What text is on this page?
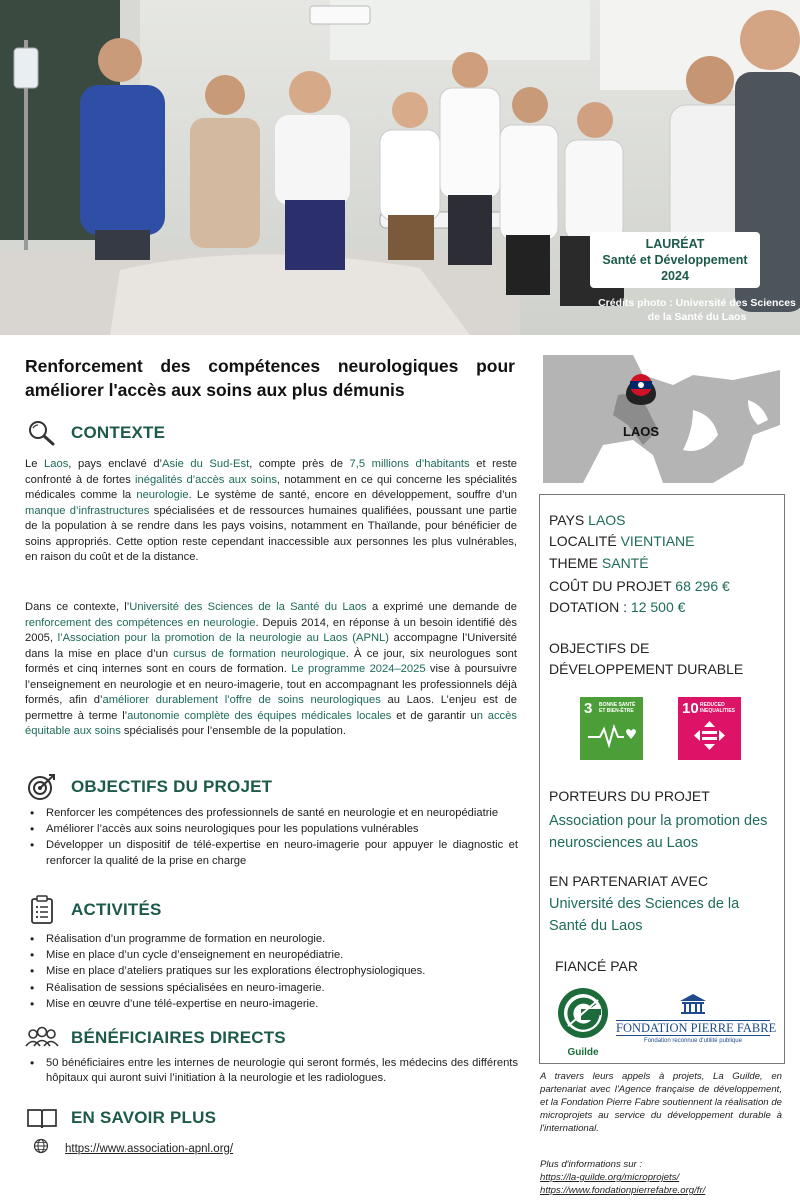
LAURÉAT
Santé et Développement
2024
Crédits photo : Université des Sciences de la Santé du Laos
Renforcement des compétences neurologiques pour améliorer l'accès aux soins aux plus démunis
CONTEXTE

Le Laos, pays enclavé d’Asie du Sud-Est, compte près de 7,5 millions d’habitants et reste confronté à de fortes inégalités d’accès aux soins, notamment en ce qui concerne les spécialités médicales comme la neurologie. Le système de santé, encore en développement, souffre d’un manque d’infrastructures spécialisées et de ressources humaines qualifiées, poussant une partie de la population à se rendre dans les pays voisins, notamment en Thaïlande, pour bénéficier de soins appropriés. Cette option reste cependant inaccessible aux personnes les plus vulnérables, en raison du coût et de la distance.

Dans ce contexte, l’Université des Sciences de la Santé du Laos a exprimé une demande de renforcement des compétences en neurologie. Depuis 2014, en réponse à un besoin identifié dès 2005, l’Association pour la promotion de la neurologie au Laos (APNL) accompagne l’Université dans la mise en place d’un cursus de formation neurologique. À ce jour, six neurologues sont formés et cinq internes sont en cours de formation. Le programme 2024–2025 vise à poursuivre l’enseignement en neurologie et en neuro-imagerie, tout en accompagnant les professionnels déjà formés, afin d’améliorer durablement l’offre de soins neurologiques au Laos. L’enjeu est de permettre à terme l’autonomie complète des équipes médicales locales et de garantir un accès équitable aux soins spécialisés pour l’ensemble de la population.

OBJECTIFS DU PROJET
• Renforcer les compétences des professionnels de santé en neurologie et en neuropédiatrie
• Améliorer l’accès aux soins neurologiques pour les populations vulnérables
• Développer un dispositif de télé-expertise en neuro-imagerie pour appuyer le diagnostic et renforcer la qualité de la prise en charge
ACTIVITÉS
• Réalisation d’un programme de formation en neurologie.
• Mise en place d’un cycle d’enseignement en neuropédiatrie.
• Mise en place d’ateliers pratiques sur les explorations électrophysiologiques.
• Réalisation de sessions spécialisées en neuro-imagerie.
• Mise en œuvre d’une télé-expertise en neuro-imagerie.
BÉNÉFICIAIRES DIRECTS
• 50 bénéficiaires entre les internes de neurologie qui seront formés, les médecins des différents hôpitaux qui auront suivi l’initiation à la neurologie et les radiologues.
EN SAVOIR PLUS
https://www.association-apnl.org/
LAOS
PAYS LAOS
LOCALITÉ VIENTIANE
THEME SANTÉ
COÛT DU PROJET 68 296 €
DOTATION : 12 500 €
OBJECTIFS DE
DÉVELOPPEMENT DURABLE
3 BONNE SANTÉ ET BIEN-ÊTRE	10 REDUCED INEQUALITIES
PORTEURS DU PROJET
Association pour la promotion des neurosciences au Laos
EN PARTENARIAT AVEC
Université des Sciences de la Santé du Laos
FIANCÉ PAR
Guilde
FONDATION PIERRE FABRE
Fondation reconnue d'utilité publique

A travers leurs appels à projets, La Guilde, en partenariat avec l'Agence française de développement, et la Fondation Pierre Fabre soutiennent la réalisation de microprojets au service du développement durable à l'international.

Plus d'informations sur :
https://la-guilde.org/microprojets/
https://www.fondationpierrefabre.org/fr/
